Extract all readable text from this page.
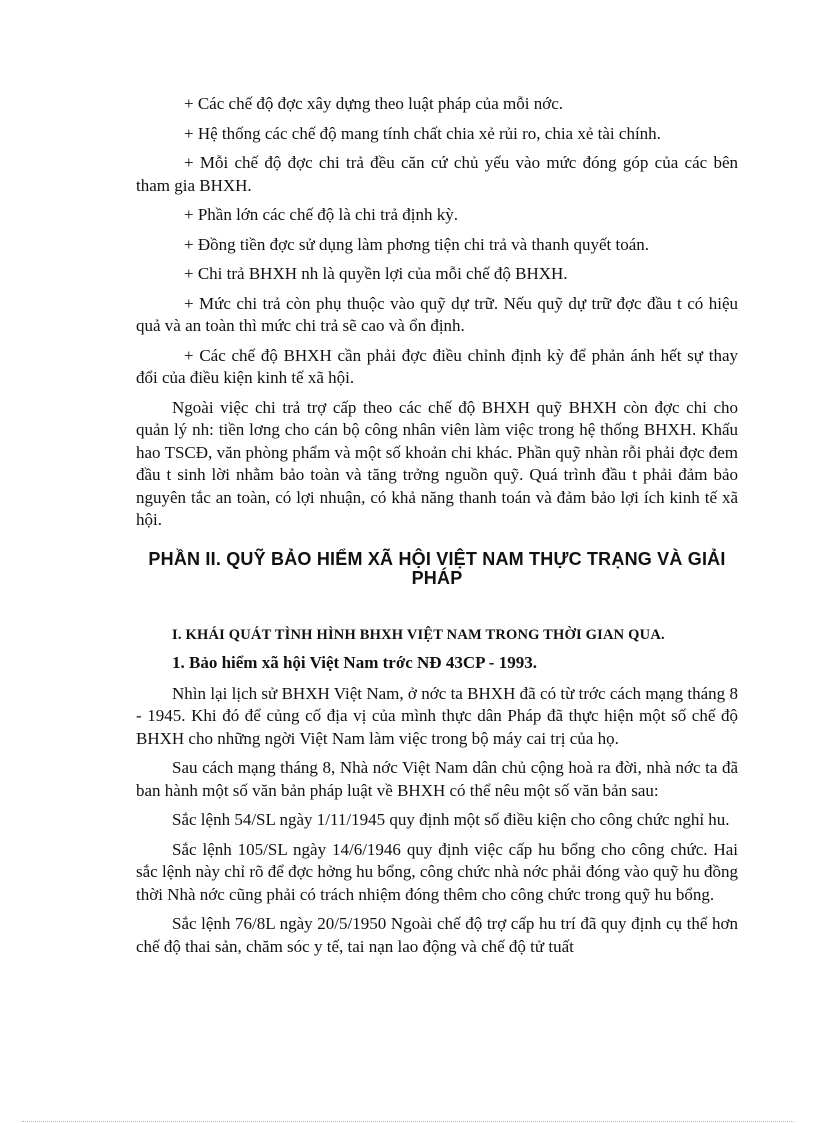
+ Các chế độ đợc xây dựng theo luật pháp của mỗi nớc.

+ Hệ thống các chế độ mang tính chất chia xẻ rủi ro, chia xẻ tài chính.

+ Mỗi chế độ đợc chi trả đều căn cứ chủ yếu vào mức đóng góp của các bên tham gia BHXH.

+ Phần lớn các chế độ là chi trả định kỳ.

+ Đồng tiền đợc sử dụng làm phơng tiện chi trả và thanh quyết toán.

+ Chi trả BHXH nh là quyền lợi của mỗi chế độ BHXH.

+ Mức chi trả còn phụ thuộc vào quỹ dự trữ. Nếu quỹ dự trữ đợc đầu t có hiệu quả và an toàn thì mức chi trả sẽ cao và ổn định.

+ Các chế độ BHXH cần phải đợc điều chỉnh định kỳ để phản ánh hết sự thay đổi của điều kiện kinh tế xã hội.

Ngoài việc chi trả trợ cấp theo các chế độ BHXH quỹ BHXH còn đợc chi cho quản lý nh: tiền lơng cho cán bộ công nhân viên làm việc trong hệ thống BHXH. Khấu hao TSCĐ, văn phòng phẩm và một số khoản chi khác. Phần quỹ nhàn rỗi phải đợc đem đầu t sinh lời nhằm bảo toàn và tăng trởng nguồn quỹ. Quá trình đầu t phải đảm bảo nguyên tắc an toàn, có lợi nhuận, có khả năng thanh toán và đảm bảo lợi ích kinh tế xã hội.

PHẦN II. QUỸ BẢO HIỂM XÃ HỘI VIỆT NAM THỰC TRẠNG VÀ GIẢI PHÁP

I. KHÁI QUÁT TÌNH HÌNH BHXH VIỆT NAM TRONG THỜI GIAN QUA.

1. Bảo hiểm xã hội Việt Nam trớc NĐ 43CP - 1993.

Nhìn lại lịch sử BHXH Việt Nam, ở nớc ta BHXH đã có từ trớc cách mạng tháng 8 - 1945. Khi đó để củng cố địa vị của mình thực dân Pháp đã thực hiện một số chế độ BHXH cho những ngời Việt Nam làm việc trong bộ máy cai trị của họ.

Sau cách mạng tháng 8, Nhà nớc Việt Nam dân chủ cộng hoà ra đời, nhà nớc ta đã ban hành một số văn bản pháp luật về BHXH có thể nêu một số văn bản sau:

Sắc lệnh 54/SL ngày 1/11/1945 quy định một số điều kiện cho công chức nghỉ hu.

Sắc lệnh 105/SL ngày 14/6/1946 quy định việc cấp hu bổng cho công chức. Hai sắc lệnh này chỉ rõ để đợc hởng hu bổng, công chức nhà nớc phải đóng vào quỹ hu đồng thời Nhà nớc cũng phải có trách nhiệm đóng thêm cho công chức trong quỹ hu bổng.

Sắc lệnh 76/8L ngày 20/5/1950 Ngoài chế độ trợ cấp hu trí đã quy định cụ thể hơn chế độ thai sản, chăm sóc y tế, tai nạn lao động và chế độ tử tuất
